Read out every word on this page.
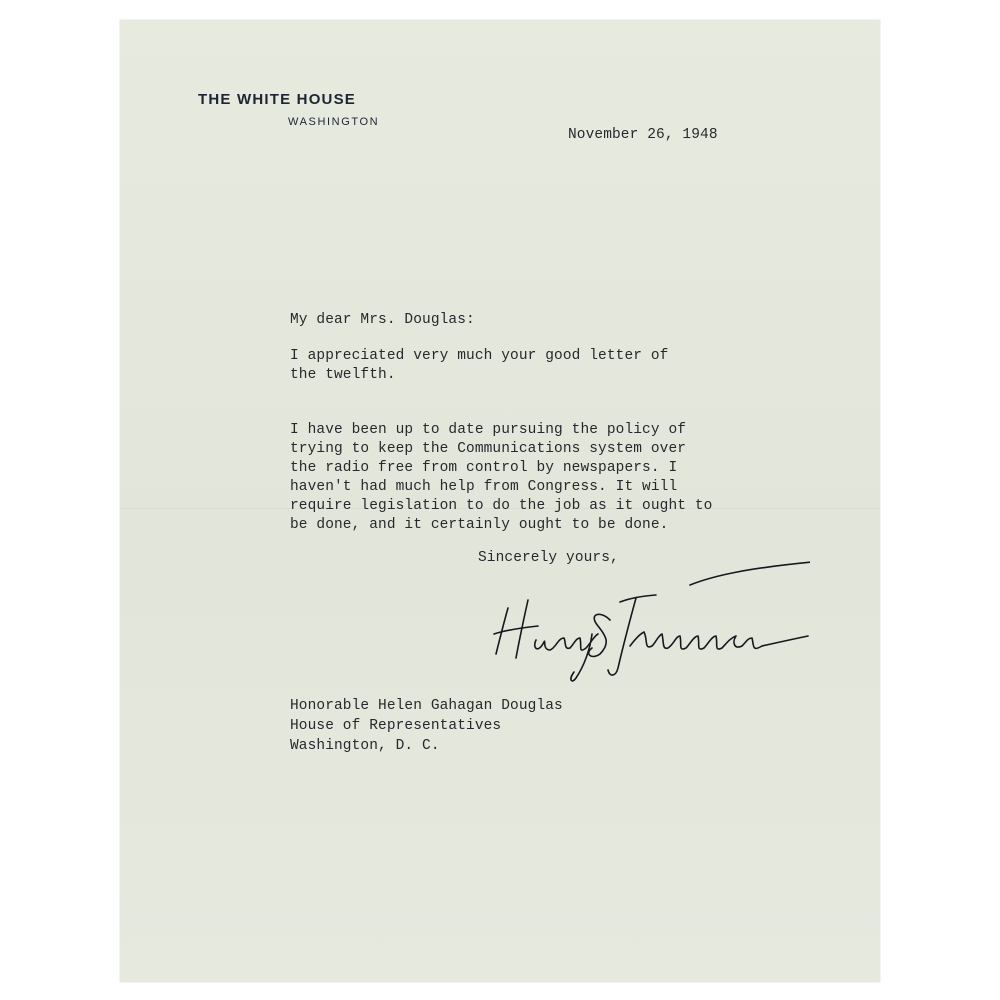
THE WHITE HOUSE
WASHINGTON
November 26, 1948
My dear Mrs. Douglas:
I appreciated very much your good letter of
the twelfth.
I have been up to date pursuing the policy of
trying to keep the Communications system over
the radio free from control by newspapers. I
haven't had much help from Congress. It will
require legislation to do the job as it ought to
be done, and it certainly ought to be done.
Sincerely yours,
Honorable Helen Gahagan Douglas
House of Representatives
Washington, D. C.
